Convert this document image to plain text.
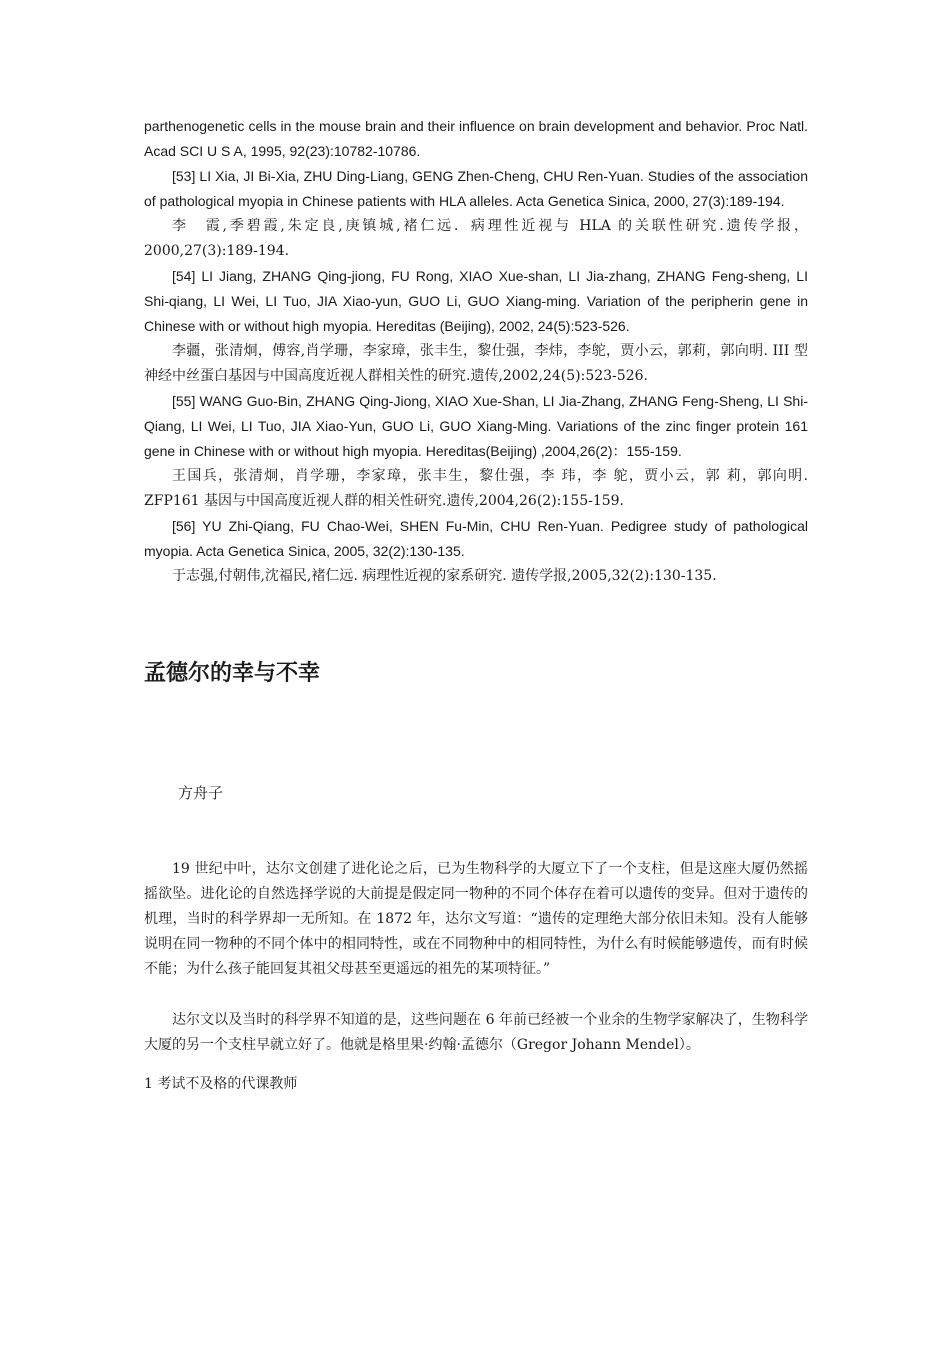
parthenogenetic cells in the mouse brain and their influence on brain development and behavior. Proc Natl. Acad SCI U S A, 1995, 92(23):10782-10786.

[53] LI Xia, JI Bi-Xia, ZHU Ding-Liang, GENG Zhen-Cheng, CHU Ren-Yuan. Studies of the association of pathological myopia in Chinese patients with HLA alleles. Acta Genetica Sinica, 2000, 27(3):189-194.

李　霞,季碧霞,朱定良,庚镇城,褚仁远．病理性近视与 HLA 的关联性研究.遗传学报，2000,27(3):189-194.

[54] LI Jiang, ZHANG Qing-jiong, FU Rong, XIAO Xue-shan, LI Jia-zhang, ZHANG Feng-sheng, LI Shi-qiang, LI Wei, LI Tuo, JIA Xiao-yun, GUO Li, GUO Xiang-ming. Variation of the peripherin gene in Chinese with or without high myopia. Hereditas (Beijing), 2002, 24(5):523-526.

李疆，张清炯，傅容,肖学珊，李家璋，张丰生，黎仕强，李炜，李鸵，贾小云，郭莉，郭向明. III 型神经中丝蛋白基因与中国高度近视人群相关性的研究.遗传,2002,24(5):523-526.

[55] WANG Guo-Bin, ZHANG Qing-Jiong, XIAO Xue-Shan, LI Jia-Zhang, ZHANG Feng-Sheng, LI Shi-Qiang, LI Wei, LI Tuo, JIA Xiao-Yun, GUO Li, GUO Xiang-Ming. Variations of the zinc finger protein 161 gene in Chinese with or without high myopia. Hereditas(Beijing) ,2004,26(2)：155-159.

王国兵，张清炯，肖学珊，李家璋，张丰生，黎仕强，李 玮，李 鸵，贾小云，郭 莉，郭向明. ZFP161 基因与中国高度近视人群的相关性研究.遗传,2004,26(2):155-159.

[56] YU Zhi-Qiang, FU Chao-Wei, SHEN Fu-Min, CHU Ren-Yuan. Pedigree study of pathological myopia. Acta Genetica Sinica, 2005, 32(2):130-135.

于志强,付朝伟,沈福民,褚仁远. 病理性近视的家系研究. 遗传学报,2005,32(2):130-135.

孟德尔的幸与不幸

方舟子

19 世纪中叶，达尔文创建了进化论之后，已为生物科学的大厦立下了一个支柱，但是这座大厦仍然摇摇欲坠。进化论的自然选择学说的大前提是假定同一物种的不同个体存在着可以遗传的变异。但对于遗传的机理，当时的科学界却一无所知。在 1872 年，达尔文写道：“遗传的定理绝大部分依旧未知。没有人能够说明在同一物种的不同个体中的相同特性，或在不同物种中的相同特性，为什么有时候能够遗传，而有时候不能；为什么孩子能回复其祖父母甚至更遥远的祖先的某项特征。”

达尔文以及当时的科学界不知道的是，这些问题在 6 年前已经被一个业余的生物学家解决了，生物科学大厦的另一个支柱早就立好了。他就是格里果·约翰·孟德尔（Gregor Johann Mendel）。

1 考试不及格的代课教师
